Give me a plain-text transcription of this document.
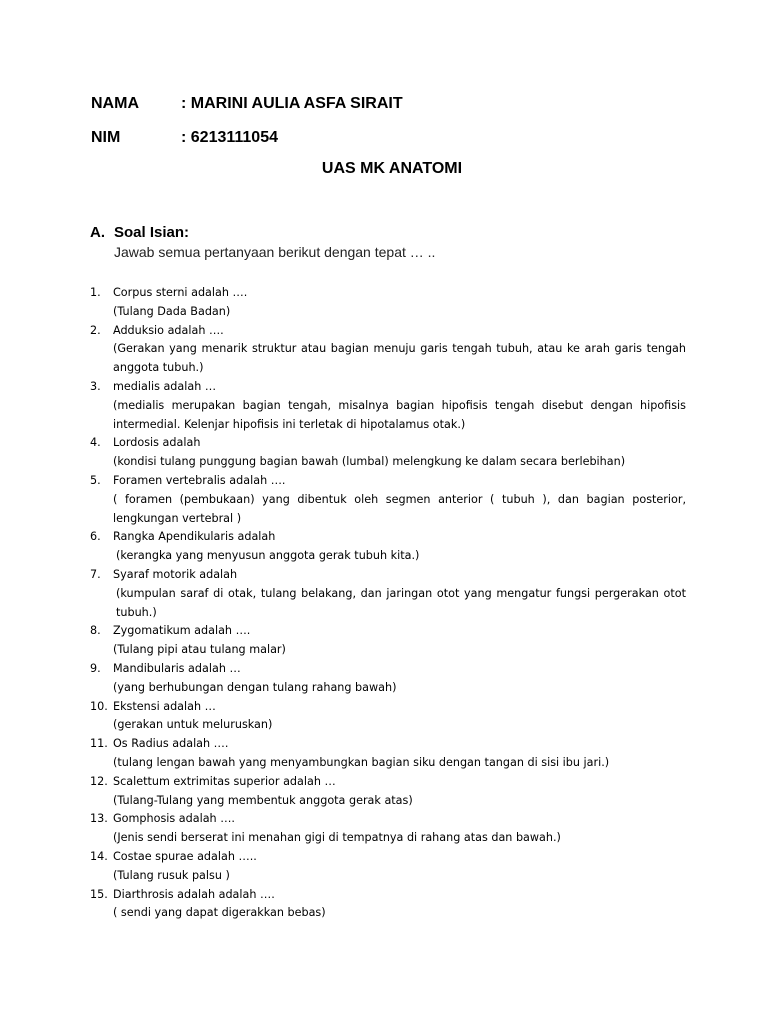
NAMA	: MARINI AULIA ASFA SIRAIT
NIM	: 6213111054
UAS MK ANATOMI
A. Soal Isian:
Jawab semua pertanyaan berikut dengan tepat … ..
1. Corpus sterni adalah ….
(Tulang Dada Badan)
2. Adduksio adalah ….
(Gerakan yang menarik struktur atau bagian menuju garis tengah tubuh, atau ke arah garis tengah anggota tubuh.)
3. medialis adalah …
(medialis merupakan bagian tengah, misalnya bagian hipofisis tengah disebut dengan hipofisis intermedial. Kelenjar hipofisis ini terletak di hipotalamus otak.)
4. Lordosis adalah
(kondisi tulang punggung bagian bawah (lumbal) melengkung ke dalam secara berlebihan)
5. Foramen vertebralis adalah ….
( foramen (pembukaan) yang dibentuk oleh segmen anterior ( tubuh ), dan bagian posterior, lengkungan vertebral )
6. Rangka Apendikularis adalah
(kerangka yang menyusun anggota gerak tubuh kita.)
7. Syaraf motorik adalah
(kumpulan saraf di otak, tulang belakang, dan jaringan otot yang mengatur fungsi pergerakan otot tubuh.)
8. Zygomatikum adalah ….
(Tulang pipi atau tulang malar)
9. Mandibularis adalah …
(yang berhubungan dengan tulang rahang bawah)
10. Ekstensi adalah …
(gerakan untuk meluruskan)
11. Os Radius adalah ….
(tulang lengan bawah yang menyambungkan bagian siku dengan tangan di sisi ibu jari.)
12. Scalettum extrimitas superior adalah …
(Tulang-Tulang yang membentuk anggota gerak atas)
13. Gomphosis adalah ….
(Jenis sendi berserat ini menahan gigi di tempatnya di rahang atas dan bawah.)
14. Costae spurae adalah …..
(Tulang rusuk palsu )
15. Diarthrosis adalah adalah ….
( sendi yang dapat digerakkan bebas)
